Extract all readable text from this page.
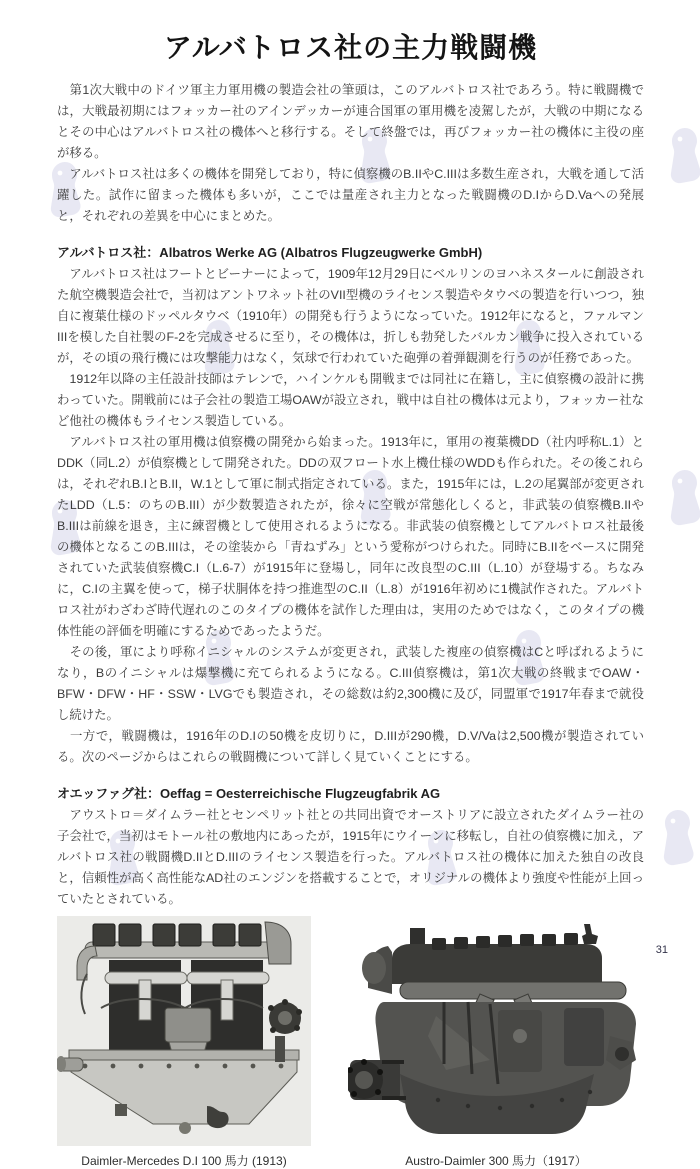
アルバトロス社の主力戦闘機

　第1次大戦中のドイツ軍主力軍用機の製造会社の筆頭は，このアルバトロス社であろう。特に戦闘機では，大戦最初期にはフォッカー社のアインデッカーが連合国軍の軍用機を凌駕したが，大戦の中期になるとその中心はアルバトロス社の機体へと移行する。そして終盤では，再びフォッカー社の機体に主役の座が移る。

　アルバトロス社は多くの機体を開発しており，特に偵察機のB.IIやC.IIIは多数生産され，大戦を通して活躍した。試作に留まった機体も多いが，ここでは量産され主力となった戦闘機のD.IからD.Vaへの発展と，それぞれの差異を中心にまとめた。

アルバトロス社：Albatros Werke AG (Albatros Flugzeugwerke GmbH)

　アルバトロス社はフートとビーナーによって，1909年12月29日にベルリンのヨハネスタールに創設された航空機製造会社で，当初はアントワネット社のVII型機のライセンス製造やタウベの製造を行いつつ，独自に複葉仕様のドッペルタウベ（1910年）の開発も行うようになっていた。1912年になると，ファルマンIIIを模した自社製のF-2を完成させるに至り，その機体は，折しも勃発したバルカン戦争に投入されているが，その頃の飛行機には攻撃能力はなく，気球で行われていた砲弾の着弾観測を行うのが任務であった。

　1912年以降の主任設計技師はテレンで，ハインケルも開戦までは同社に在籍し，主に偵察機の設計に携わっていた。開戦前には子会社の製造工場OAWが設立され，戦中は自社の機体は元より，フォッカー社など他社の機体もライセンス製造している。

　アルバトロス社の軍用機は偵察機の開発から始まった。1913年に，軍用の複葉機DD（社内呼称L.1）とDDK（同L.2）が偵察機として開発された。DDの双フロート水上機仕様のWDDも作られた。その後これらは，それぞれB.IとB.II，W.1として軍に制式指定されている。また，1915年には，L.2の尾翼部が変更されたLDD（L.5：のちのB.III）が少数製造されたが，徐々に空戦が常態化しくると，非武装の偵察機B.IIやB.IIIは前線を退き，主に練習機として使用されるようになる。非武装の偵察機としてアルバトロス社最後の機体となるこのB.IIIは，その塗装から「青ねずみ」という愛称がつけられた。同時にB.IIをベースに開発されていた武装偵察機C.I（L.6-7）が1915年に登場し，同年に改良型のC.III（L.10）が登場する。ちなみに，C.Iの主翼を使って，梯子状胴体を持つ推進型のC.II（L.8）が1916年初めに1機試作された。アルバトロス社がわざわざ時代遅れのこのタイプの機体を試作した理由は，実用のためではなく，このタイプの機体性能の評価を明確にするためであったようだ。

　その後，軍により呼称イニシャルのシステムが変更され，武装した複座の偵察機はCと呼ばれるようになり，Bのイニシャルは爆撃機に充てられるようになる。C.III偵察機は，第1次大戦の終戦までOAW・BFW・DFW・HF・SSW・LVGでも製造され，その総数は約2,300機に及び，同盟軍で1917年春まで就役し続けた。

　一方で，戦闘機は，1916年のD.Iの50機を皮切りに，D.IIIが290機，D.V/Vaは2,500機が製造されている。次のページからはこれらの戦闘機について詳しく見ていくことにする。

オエッファグ社：Oeffag = Oesterreichische Flugzeugfabrik AG

　アウストロ＝ダイムラー社とセンペリット社との共同出資でオーストリアに設立されたダイムラー社の子会社で，当初はモトール社の敷地内にあったが，1915年にウイーンに移転し，自社の偵察機に加え，アルバトロス社の戦闘機D.IIとD.IIIのライセンス製造を行った。アルバトロス社の機体に加えた独自の改良と，信頼性が高く高性能なAD社のエンジンを搭載することで，オリジナルの機体より強度や性能が上回っていたとされている。

Daimler-Mercedes D.I 100 馬力 (1913)	Austro-Daimler 300 馬力（1917）
31
